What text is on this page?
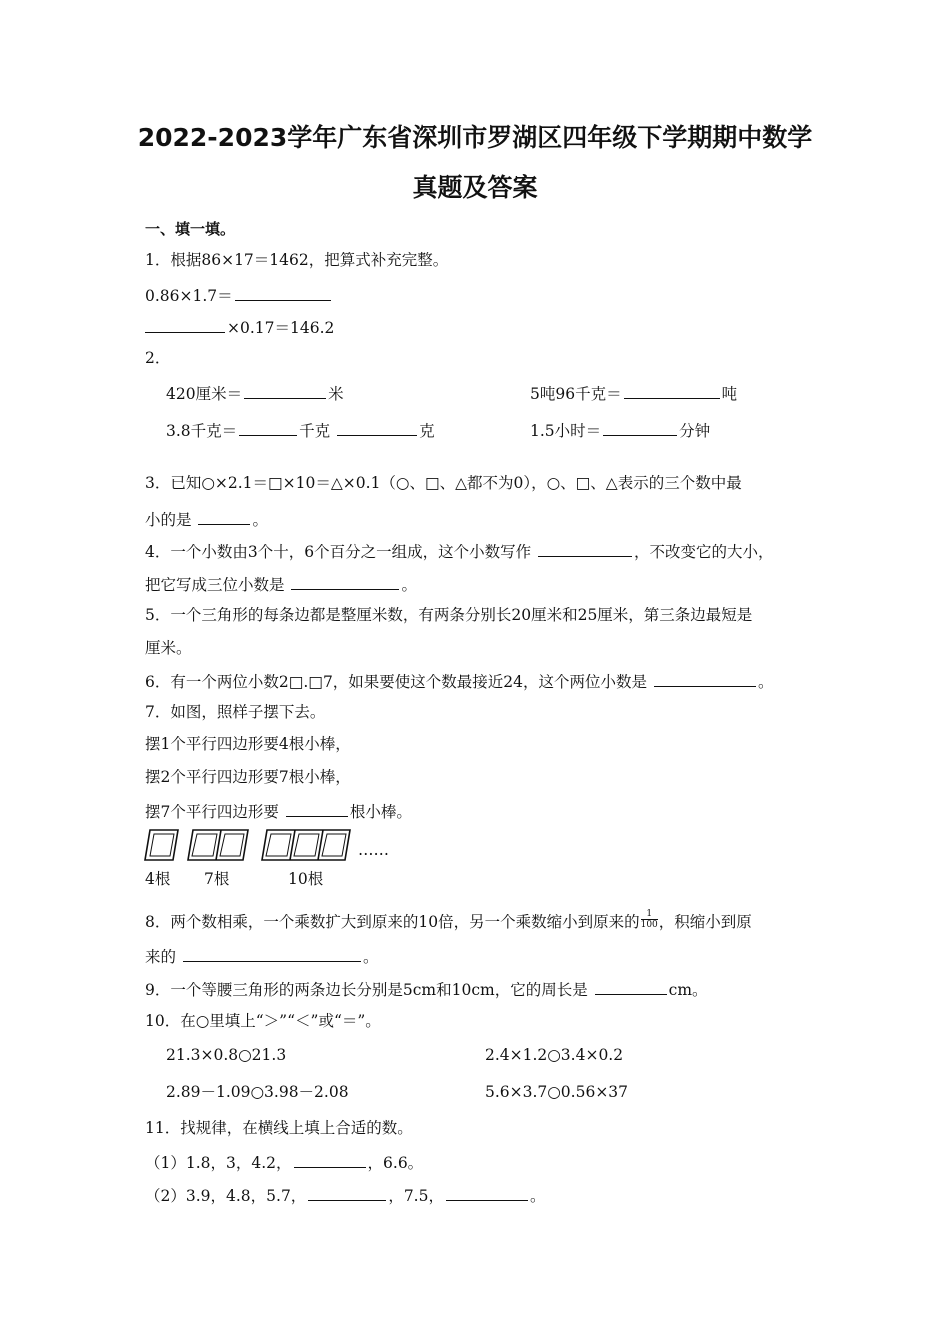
2022-2023学年广东省深圳市罗湖区四年级下学期期中数学
真题及答案
一、填一填。
1．根据86×17＝1462，把算式补充完整。
0.86×1.7＝
×0.17＝146.2
2．
420厘米＝	米	5吨96千克＝	吨
3.8千克＝	千克	克	1.5小时＝	分钟
3．已知○×2.1＝□×10＝△×0.1（○、□、△都不为0），○、□、△表示的三个数中最
小的是	。
4．一个小数由3个十，6个百分之一组成，这个小数写作	，不改变它的大小，
把它写成三位小数是	。
5．一个三角形的每条边都是整厘米数，有两条分别长20厘米和25厘米，第三条边最短是
厘米。
6．有一个两位小数2□.□7，如果要使这个数最接近24，这个两位小数是	。
7．如图，照样子摆下去。
摆1个平行四边形要4根小棒，
摆2个平行四边形要7根小棒，
摆7个平行四边形要	根小棒。
……
4根 7根	10根
8．两个数相乘，一个乘数扩大到原来的10倍，另一个乘数缩小到原来的 $\frac{1}{100}$ ，积缩小到原
来的	。
9．一个等腰三角形的两条边长分别是5cm和10cm，它的周长是	cm。
10．在○里填上“＞”“＜”或“＝”。
21.3×0.8○21.3	2.4×1.2○3.4×0.2
2.89－1.09○3.98－2.08	5.6×3.7○0.56×37
11．找规律，在横线上填上合适的数。
（1）1.8，3，4.2，	，6.6。
（2）3.9，4.8，5.7，	，7.5，	。
